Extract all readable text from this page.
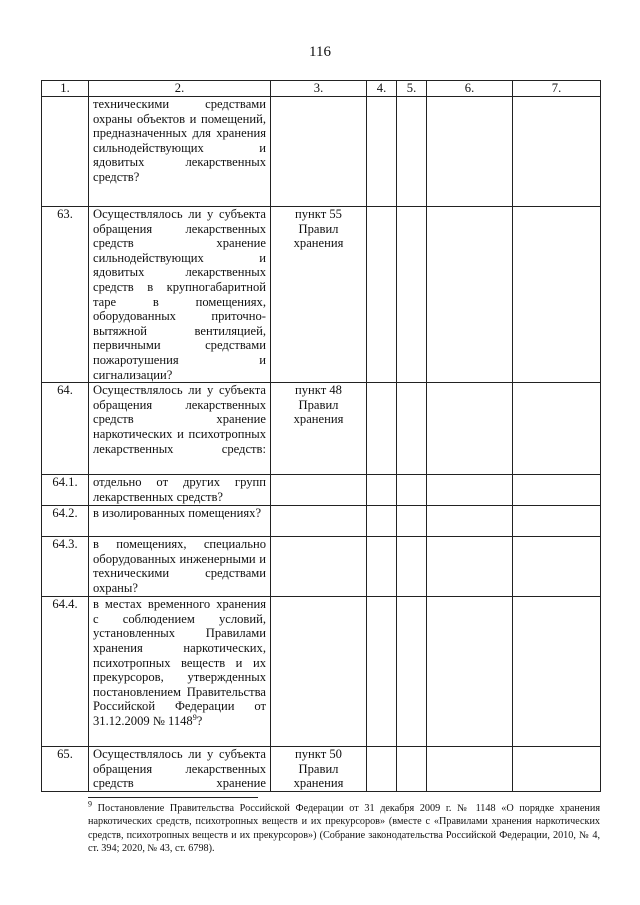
116
1.	2.	3.	4.	5.	6.	7.
	техническими средствами охраны объектов и помещений, предназначенных для хранения сильнодействующих и ядовитых лекарственных средств?					
63.	Осуществлялось ли у субъекта обращения лекарственных средств хранение сильнодействующих и ядовитых лекарственных средств в крупногабаритной таре в помещениях, оборудованных приточно-вытяжной вентиляцией, первичными средствами пожаротушения и сигнализации?	пункт 55 Правил хранения				
64.	Осуществлялось ли у субъекта обращения лекарственных средств хранение наркотических и психотропных лекарственных средств:	пункт 48 Правил хранения				
64.1.	отдельно от других групп лекарственных средств?					
64.2.	в изолированных помещениях?					
64.3.	в помещениях, специально оборудованных инженерными и техническими средствами охраны?					
64.4.	в местах временного хранения с соблюдением условий, установленных Правилами хранения наркотических, психотропных веществ и их прекурсоров, утвержденных постановлением Правительства Российской Федерации от 31.12.2009 № 1148$^9$?					
65.	Осуществлялось ли у субъекта обращения лекарственных средств хранение	пункт 50 Правил хранения				
$^9$ Постановление Правительства Российской Федерации от 31 декабря 2009 г. № 1148 «О порядке хранения наркотических средств, психотропных веществ и их прекурсоров» (вместе с «Правилами хранения наркотических средств, психотропных веществ и их прекурсоров») (Собрание законодательства Российской Федерации, 2010, № 4, ст. 394; 2020, № 43, ст. 6798).
